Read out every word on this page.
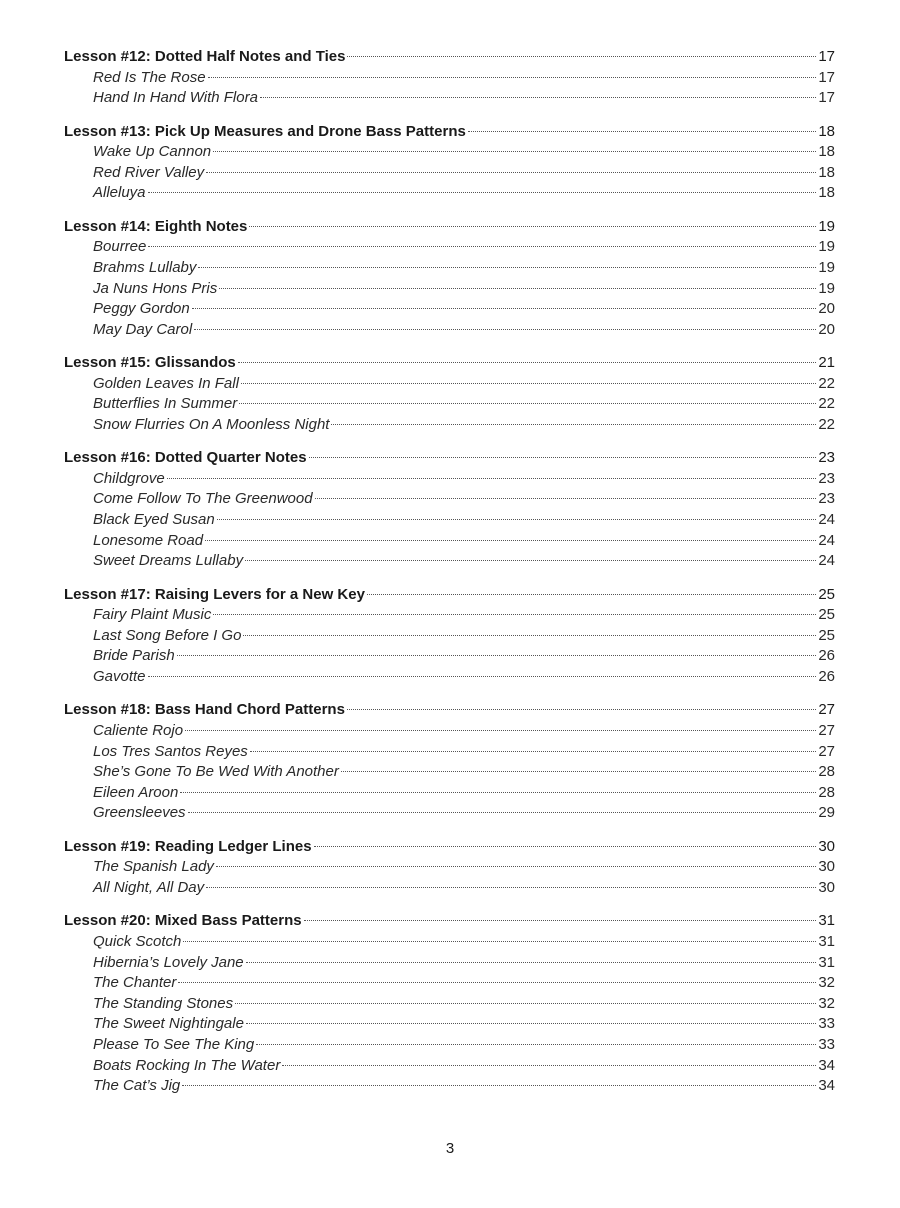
Lesson #12: Dotted Half Notes and Ties	17
Red Is The Rose	17
Hand In Hand With Flora	17
Lesson #13: Pick Up Measures and Drone Bass Patterns	18
Wake Up Cannon	18
Red River Valley	18
Alleluya	18
Lesson #14: Eighth Notes	19
Bourree	19
Brahms Lullaby	19
Ja Nuns Hons Pris	19
Peggy Gordon	20
May Day Carol	20
Lesson #15: Glissandos	21
Golden Leaves In Fall	22
Butterflies In Summer	22
Snow Flurries On A Moonless Night	22
Lesson #16: Dotted Quarter Notes	23
Childgrove	23
Come Follow To The Greenwood	23
Black Eyed Susan	24
Lonesome Road	24
Sweet Dreams Lullaby	24
Lesson #17: Raising Levers for a New Key	25
Fairy Plaint Music	25
Last Song Before I Go	25
Bride Parish	26
Gavotte	26
Lesson #18: Bass Hand Chord Patterns	27
Caliente Rojo	27
Los Tres Santos Reyes	27
She’s Gone To Be Wed With Another	28
Eileen Aroon	28
Greensleeves	29
Lesson #19: Reading Ledger Lines	30
The Spanish Lady	30
All Night, All Day	30
Lesson #20: Mixed Bass Patterns	31
Quick Scotch	31
Hibernia’s Lovely Jane	31
The Chanter	32
The Standing Stones	32
The Sweet Nightingale	33
Please To See The King	33
Boats Rocking In The Water	34
The Cat’s Jig	34
3
